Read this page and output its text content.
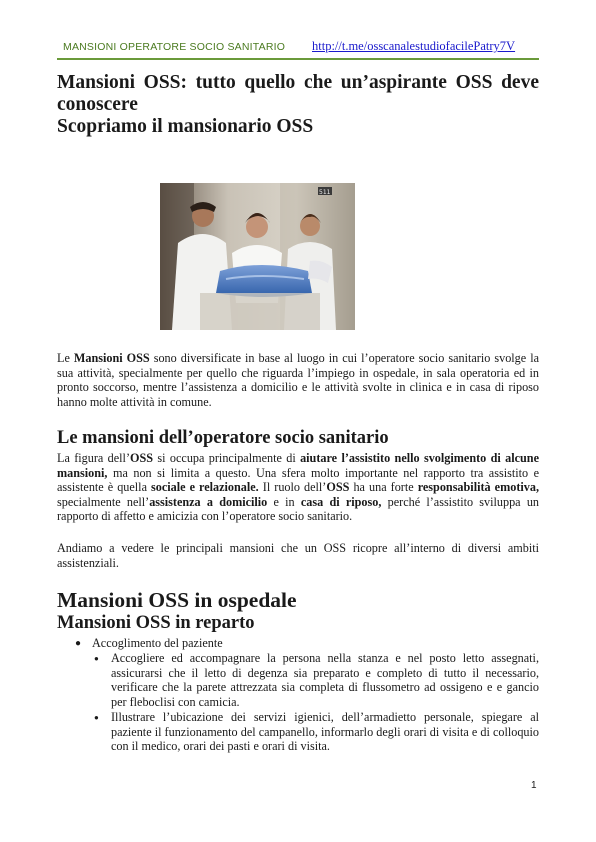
MANSIONI OPERATORE SOCIO SANITARIO http://t.me/osscanalestudiofacilePatry7V
Mansioni OSS: tutto quello che un’aspirante OSS deve
conoscere
Scopriamo il mansionario OSS
511

Le Mansioni OSS sono diversificate in base al luogo in cui l’operatore socio sanitario svolge la sua attività, specialmente per quello che riguarda l’impiego in ospedale, in sala operatoria ed in pronto soccorso, mentre l’assistenza a domicilio e le attività svolte in clinica e in casa di riposo hanno molte attività in comune.

Le mansioni dell’operatore socio sanitario

La figura dell’OSS si occupa principalmente di aiutare l’assistito nello svolgimento di alcune mansioni, ma non si limita a questo. Una sfera molto importante nel rapporto tra assistito e assistente è quella sociale e relazionale. Il ruolo dell’OSS ha una forte responsabilità emotiva, specialmente nell’assistenza a domicilio e in casa di riposo, perché l’assistito sviluppa un rapporto di affetto e amicizia con l’operatore socio sanitario.

Andiamo a vedere le principali mansioni che un OSS ricopre all’interno di diversi ambiti assistenziali.

Mansioni OSS in ospedale
Mansioni OSS in reparto
● Accoglimento del paziente

● Accogliere ed accompagnare la persona nella stanza e nel posto letto assegnati, assicurarsi che il letto di degenza sia preparato e completo di tutto il necessario, verificare che la parete attrezzata sia completa di flussometro ad ossigeno e e gancio per fleboclisi con camicia.

● Illustrare l’ubicazione dei servizi igienici, dell’armadietto personale, spiegare al paziente il funzionamento del campanello, informarlo degli orari di visita e di colloquio con il medico, orari dei pasti e orari di visita.

1
